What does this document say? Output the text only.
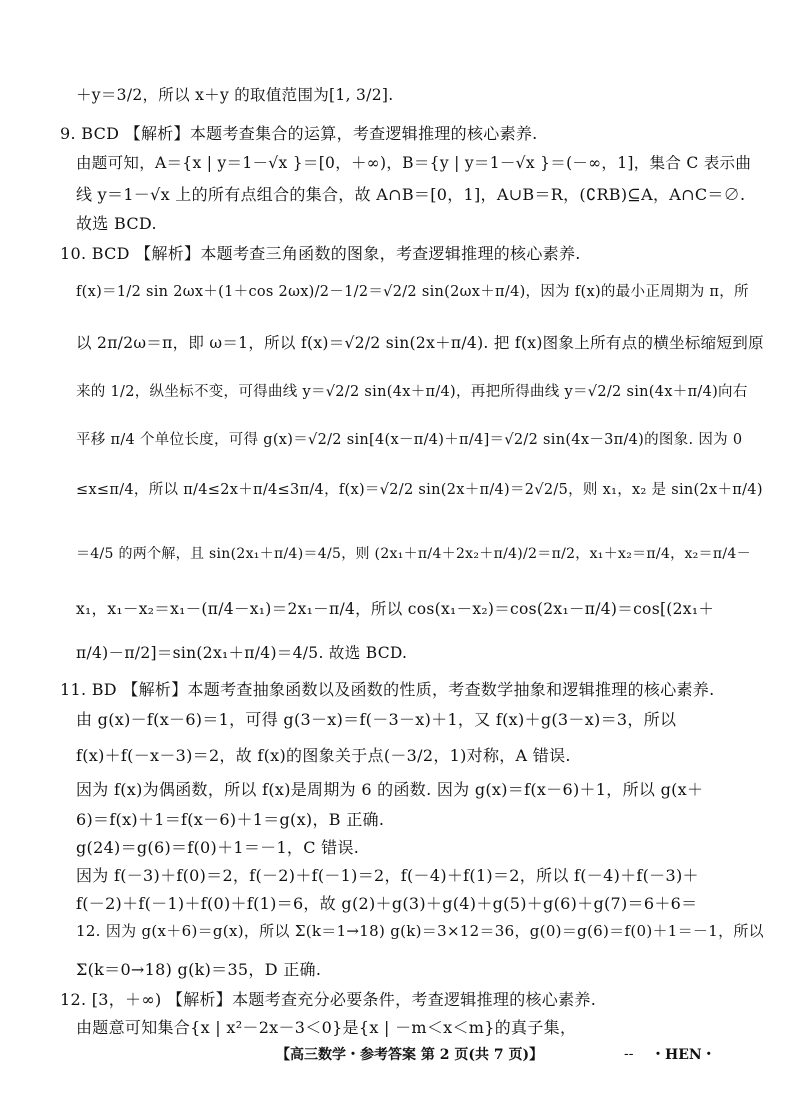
＋y＝3/2，所以 x＋y 的取值范围为[1, 3/2].
9. BCD 【解析】本题考查集合的运算，考查逻辑推理的核心素养.
由题可知，A＝{x | y＝1－√x }＝[0，＋∞)，B＝{y | y＝1－√x }＝(－∞，1]，集合 C 表示曲
线 y＝1－√x 上的所有点组合的集合，故 A∩B＝[0，1]，A∪B＝R，(∁RB)⊆A，A∩C＝∅.
故选 BCD.
10. BCD 【解析】本题考查三角函数的图象，考查逻辑推理的核心素养.
f(x)＝1/2 sin 2ωx＋(1＋cos 2ωx)/2－1/2＝√2/2 sin(2ωx＋π/4)，因为 f(x)的最小正周期为 π，所
以 2π/2ω＝π，即 ω＝1，所以 f(x)＝√2/2 sin(2x＋π/4). 把 f(x)图象上所有点的横坐标缩短到原
来的 1/2，纵坐标不变，可得曲线 y＝√2/2 sin(4x＋π/4)，再把所得曲线 y＝√2/2 sin(4x＋π/4)向右
平移 π/4 个单位长度，可得 g(x)＝√2/2 sin[4(x－π/4)＋π/4]＝√2/2 sin(4x－3π/4)的图象. 因为 0
≤x≤π/4，所以 π/4≤2x＋π/4≤3π/4，f(x)＝√2/2 sin(2x＋π/4)＝2√2/5，则 x₁，x₂ 是 sin(2x＋π/4)
＝4/5 的两个解，且 sin(2x₁＋π/4)＝4/5，则 (2x₁＋π/4＋2x₂＋π/4)/2＝π/2，x₁＋x₂＝π/4，x₂＝π/4－
x₁，x₁－x₂＝x₁－(π/4－x₁)＝2x₁－π/4，所以 cos(x₁－x₂)＝cos(2x₁－π/4)＝cos[(2x₁＋
π/4)－π/2]＝sin(2x₁＋π/4)＝4/5. 故选 BCD.
11. BD 【解析】本题考查抽象函数以及函数的性质，考查数学抽象和逻辑推理的核心素养.
由 g(x)－f(x－6)＝1，可得 g(3－x)＝f(－3－x)＋1，又 f(x)＋g(3－x)＝3，所以
f(x)＋f(－x－3)＝2，故 f(x)的图象关于点(－3/2，1)对称，A 错误.
因为 f(x)为偶函数，所以 f(x)是周期为 6 的函数. 因为 g(x)＝f(x－6)＋1，所以 g(x＋
6)＝f(x)＋1＝f(x－6)＋1＝g(x)，B 正确.
g(24)＝g(6)＝f(0)＋1＝－1，C 错误.
因为 f(－3)＋f(0)＝2，f(－2)＋f(－1)＝2，f(－4)＋f(1)＝2，所以 f(－4)＋f(－3)＋
f(－2)＋f(－1)＋f(0)＋f(1)＝6，故 g(2)＋g(3)＋g(4)＋g(5)＋g(6)＋g(7)＝6＋6＝
12. 因为 g(x＋6)＝g(x)，所以 Σ(k＝1→18) g(k)＝3×12＝36，g(0)＝g(6)＝f(0)＋1＝－1，所以
Σ(k＝0→18) g(k)＝35，D 正确.
12. [3，＋∞) 【解析】本题考查充分必要条件，考查逻辑推理的核心素养.
由题意可知集合{x | x²－2x－3＜0}是{x | －m＜x＜m}的真子集，
【高三数学・参考答案 第 2 页(共 7 页)】	-- ・HEN・
